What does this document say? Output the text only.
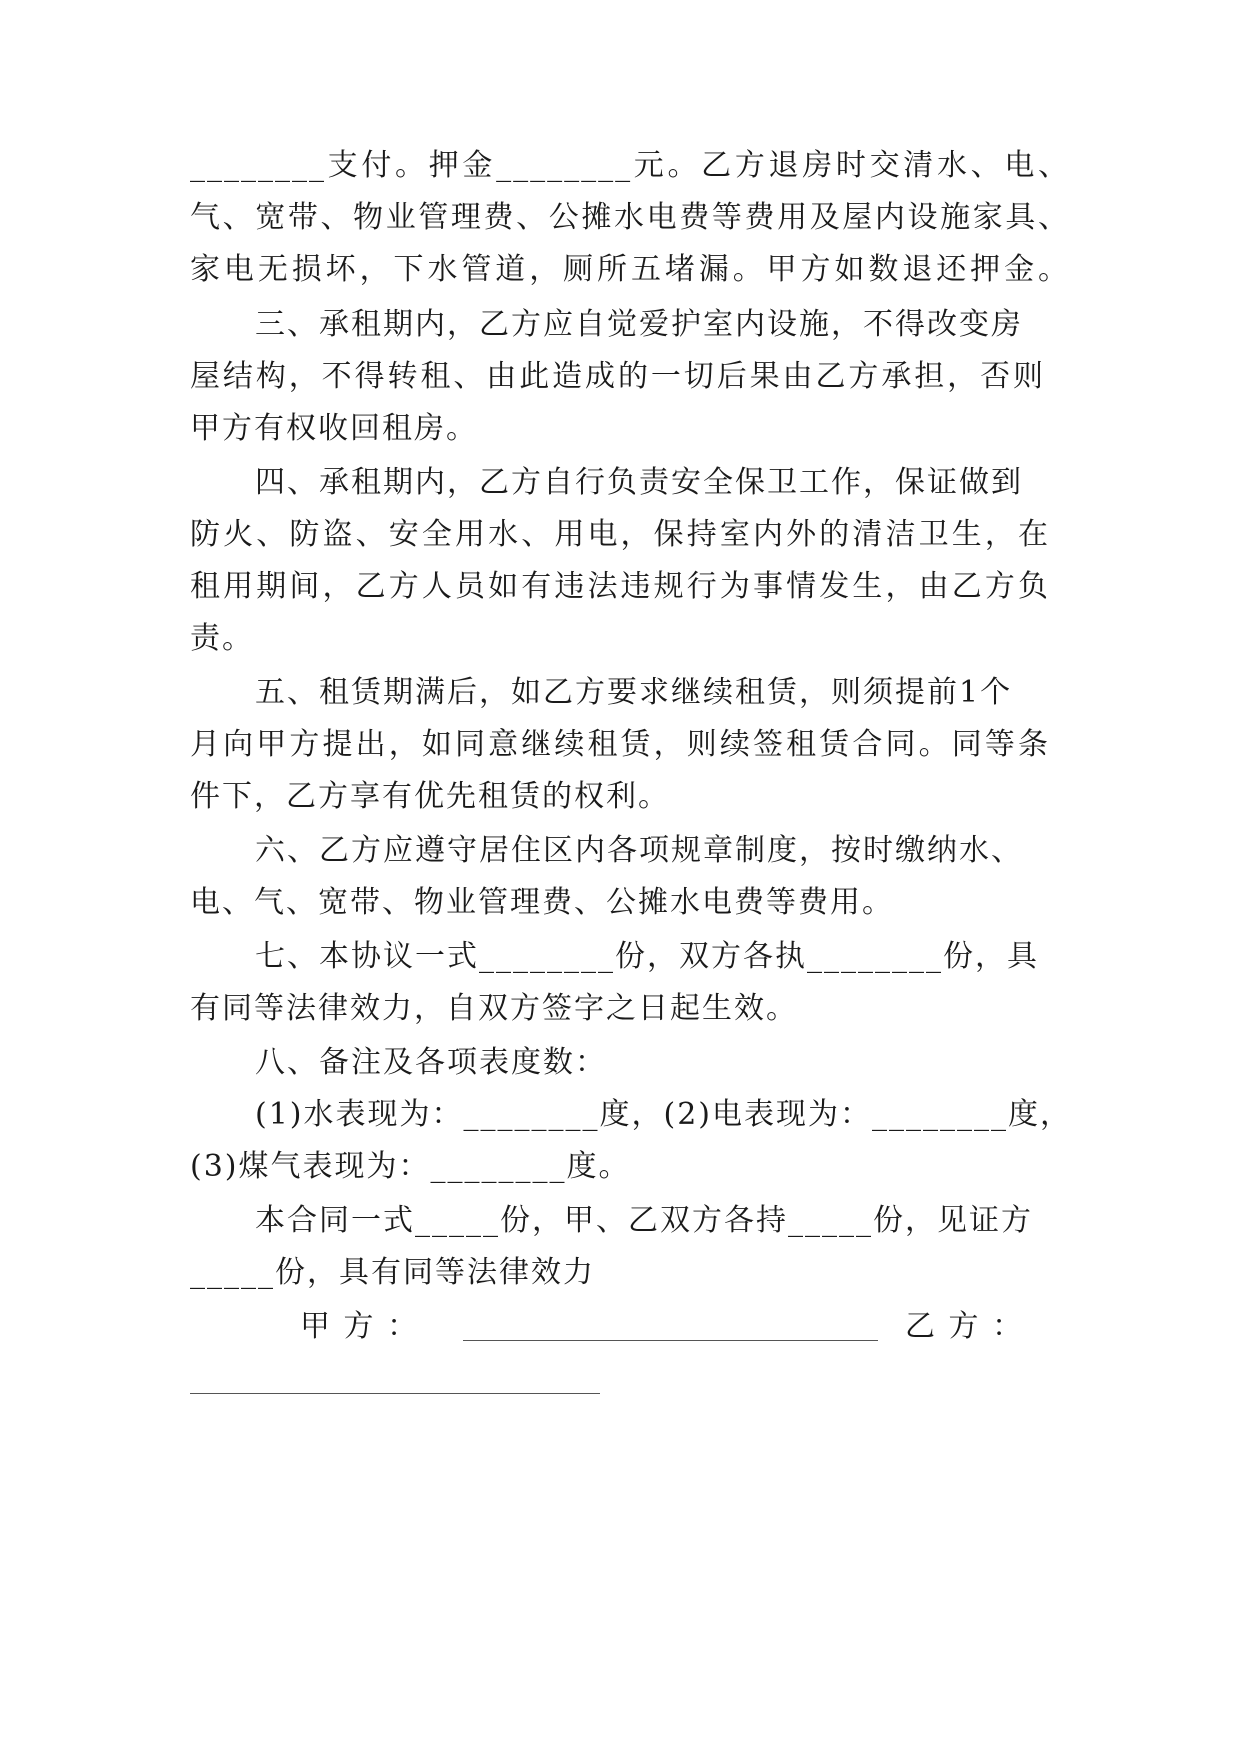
________支付。押金________元。乙方退房时交清水、电、
气、宽带、物业管理费、公摊水电费等费用及屋内设施家具、
家电无损坏，下水管道，厕所五堵漏。甲方如数退还押金。
三、承租期内，乙方应自觉爱护室内设施，不得改变房
屋结构，不得转租、由此造成的一切后果由乙方承担，否则
甲方有权收回租房。
四、承租期内，乙方自行负责安全保卫工作，保证做到
防火、防盗、安全用水、用电，保持室内外的清洁卫生，在
租用期间，乙方人员如有违法违规行为事情发生，由乙方负
责。
五、租赁期满后，如乙方要求继续租赁，则须提前1个
月向甲方提出，如同意继续租赁，则续签租赁合同。同等条
件下，乙方享有优先租赁的权利。
六、乙方应遵守居住区内各项规章制度，按时缴纳水、
电、气、宽带、物业管理费、公摊水电费等费用。
七、本协议一式________份，双方各执________份，具
有同等法律效力，自双方签字之日起生效。
八、备注及各项表度数：
(1)水表现为：________度，(2)电表现为：________度，
(3)煤气表现为：________度。
本合同一式_____份，甲、乙双方各持_____份，见证方
_____份，具有同等法律效力
甲 方 ：	乙 方 ：
